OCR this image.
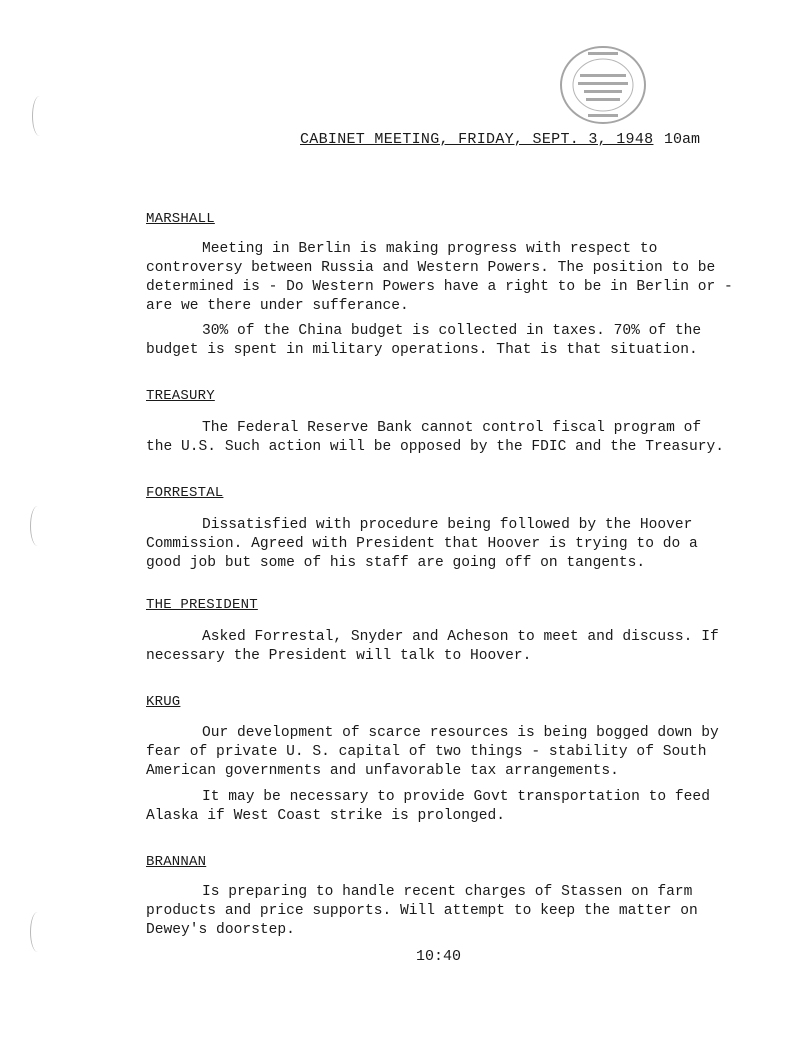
CABINET MEETING, FRIDAY, SEPT. 3, 1948 10am
MARSHALL
Meeting in Berlin is making progress with respect to controversy between Russia and Western Powers. The position to be determined is - Do Western Powers have a right to be in Berlin or - are we there under sufferance.
30% of the China budget is collected in taxes. 70% of the budget is spent in military operations. That is that situation.
TREASURY
The Federal Reserve Bank cannot control fiscal program of the U.S. Such action will be opposed by the FDIC and the Treasury.
FORRESTAL
Dissatisfied with procedure being followed by the Hoover Commission. Agreed with President that Hoover is trying to do a good job but some of his staff are going off on tangents.
THE PRESIDENT
Asked Forrestal, Snyder and Acheson to meet and discuss. If necessary the President will talk to Hoover.
KRUG
Our development of scarce resources is being bogged down by fear of private U. S. capital of two things - stability of South American governments and unfavorable tax arrangements.
It may be necessary to provide Govt transportation to feed Alaska if West Coast strike is prolonged.
BRANNAN
Is preparing to handle recent charges of Stassen on farm products and price supports. Will attempt to keep the matter on Dewey's doorstep.
10:40
